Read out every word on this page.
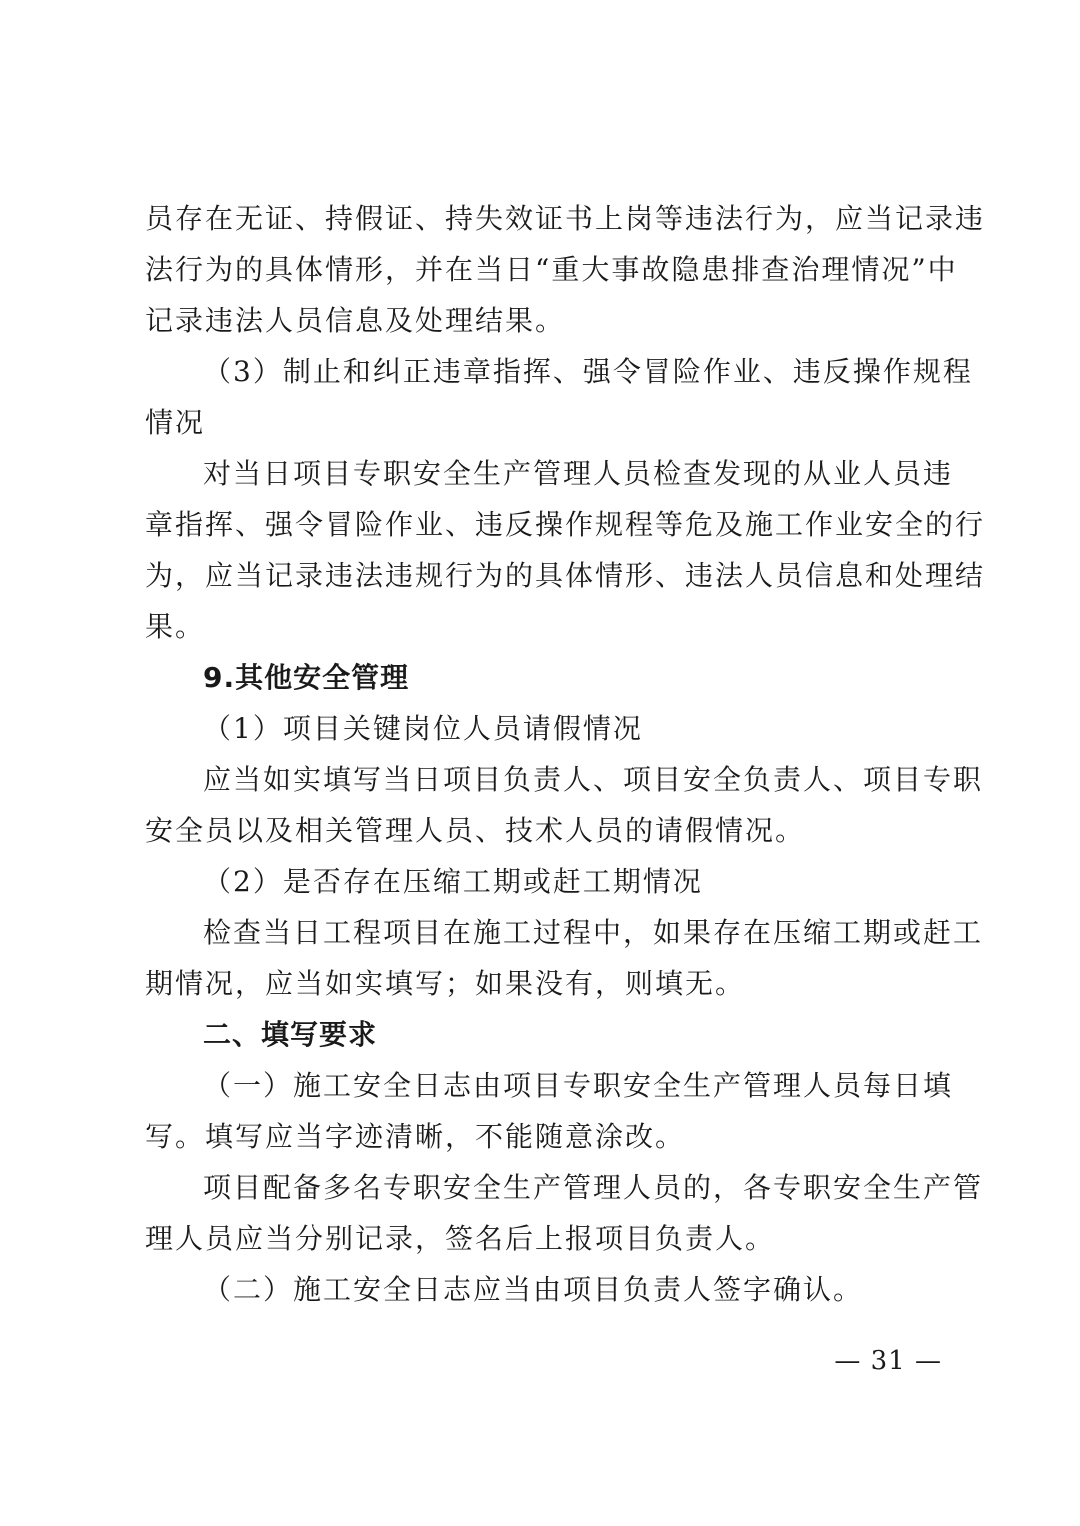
员存在无证、持假证、持失效证书上岗等违法行为，应当记录违
法行为的具体情形，并在当日“重大事故隐患排查治理情况”中
记录违法人员信息及处理结果。
（3）制止和纠正违章指挥、强令冒险作业、违反操作规程
情况
对当日项目专职安全生产管理人员检查发现的从业人员违
章指挥、强令冒险作业、违反操作规程等危及施工作业安全的行
为，应当记录违法违规行为的具体情形、违法人员信息和处理结
果。
9.其他安全管理
（1）项目关键岗位人员请假情况
应当如实填写当日项目负责人、项目安全负责人、项目专职
安全员以及相关管理人员、技术人员的请假情况。
（2）是否存在压缩工期或赶工期情况
检查当日工程项目在施工过程中，如果存在压缩工期或赶工
期情况，应当如实填写；如果没有，则填无。
二、填写要求
（一）施工安全日志由项目专职安全生产管理人员每日填
写。填写应当字迹清晰，不能随意涂改。
项目配备多名专职安全生产管理人员的，各专职安全生产管
理人员应当分别记录，签名后上报项目负责人。
（二）施工安全日志应当由项目负责人签字确认。
— 31 —
